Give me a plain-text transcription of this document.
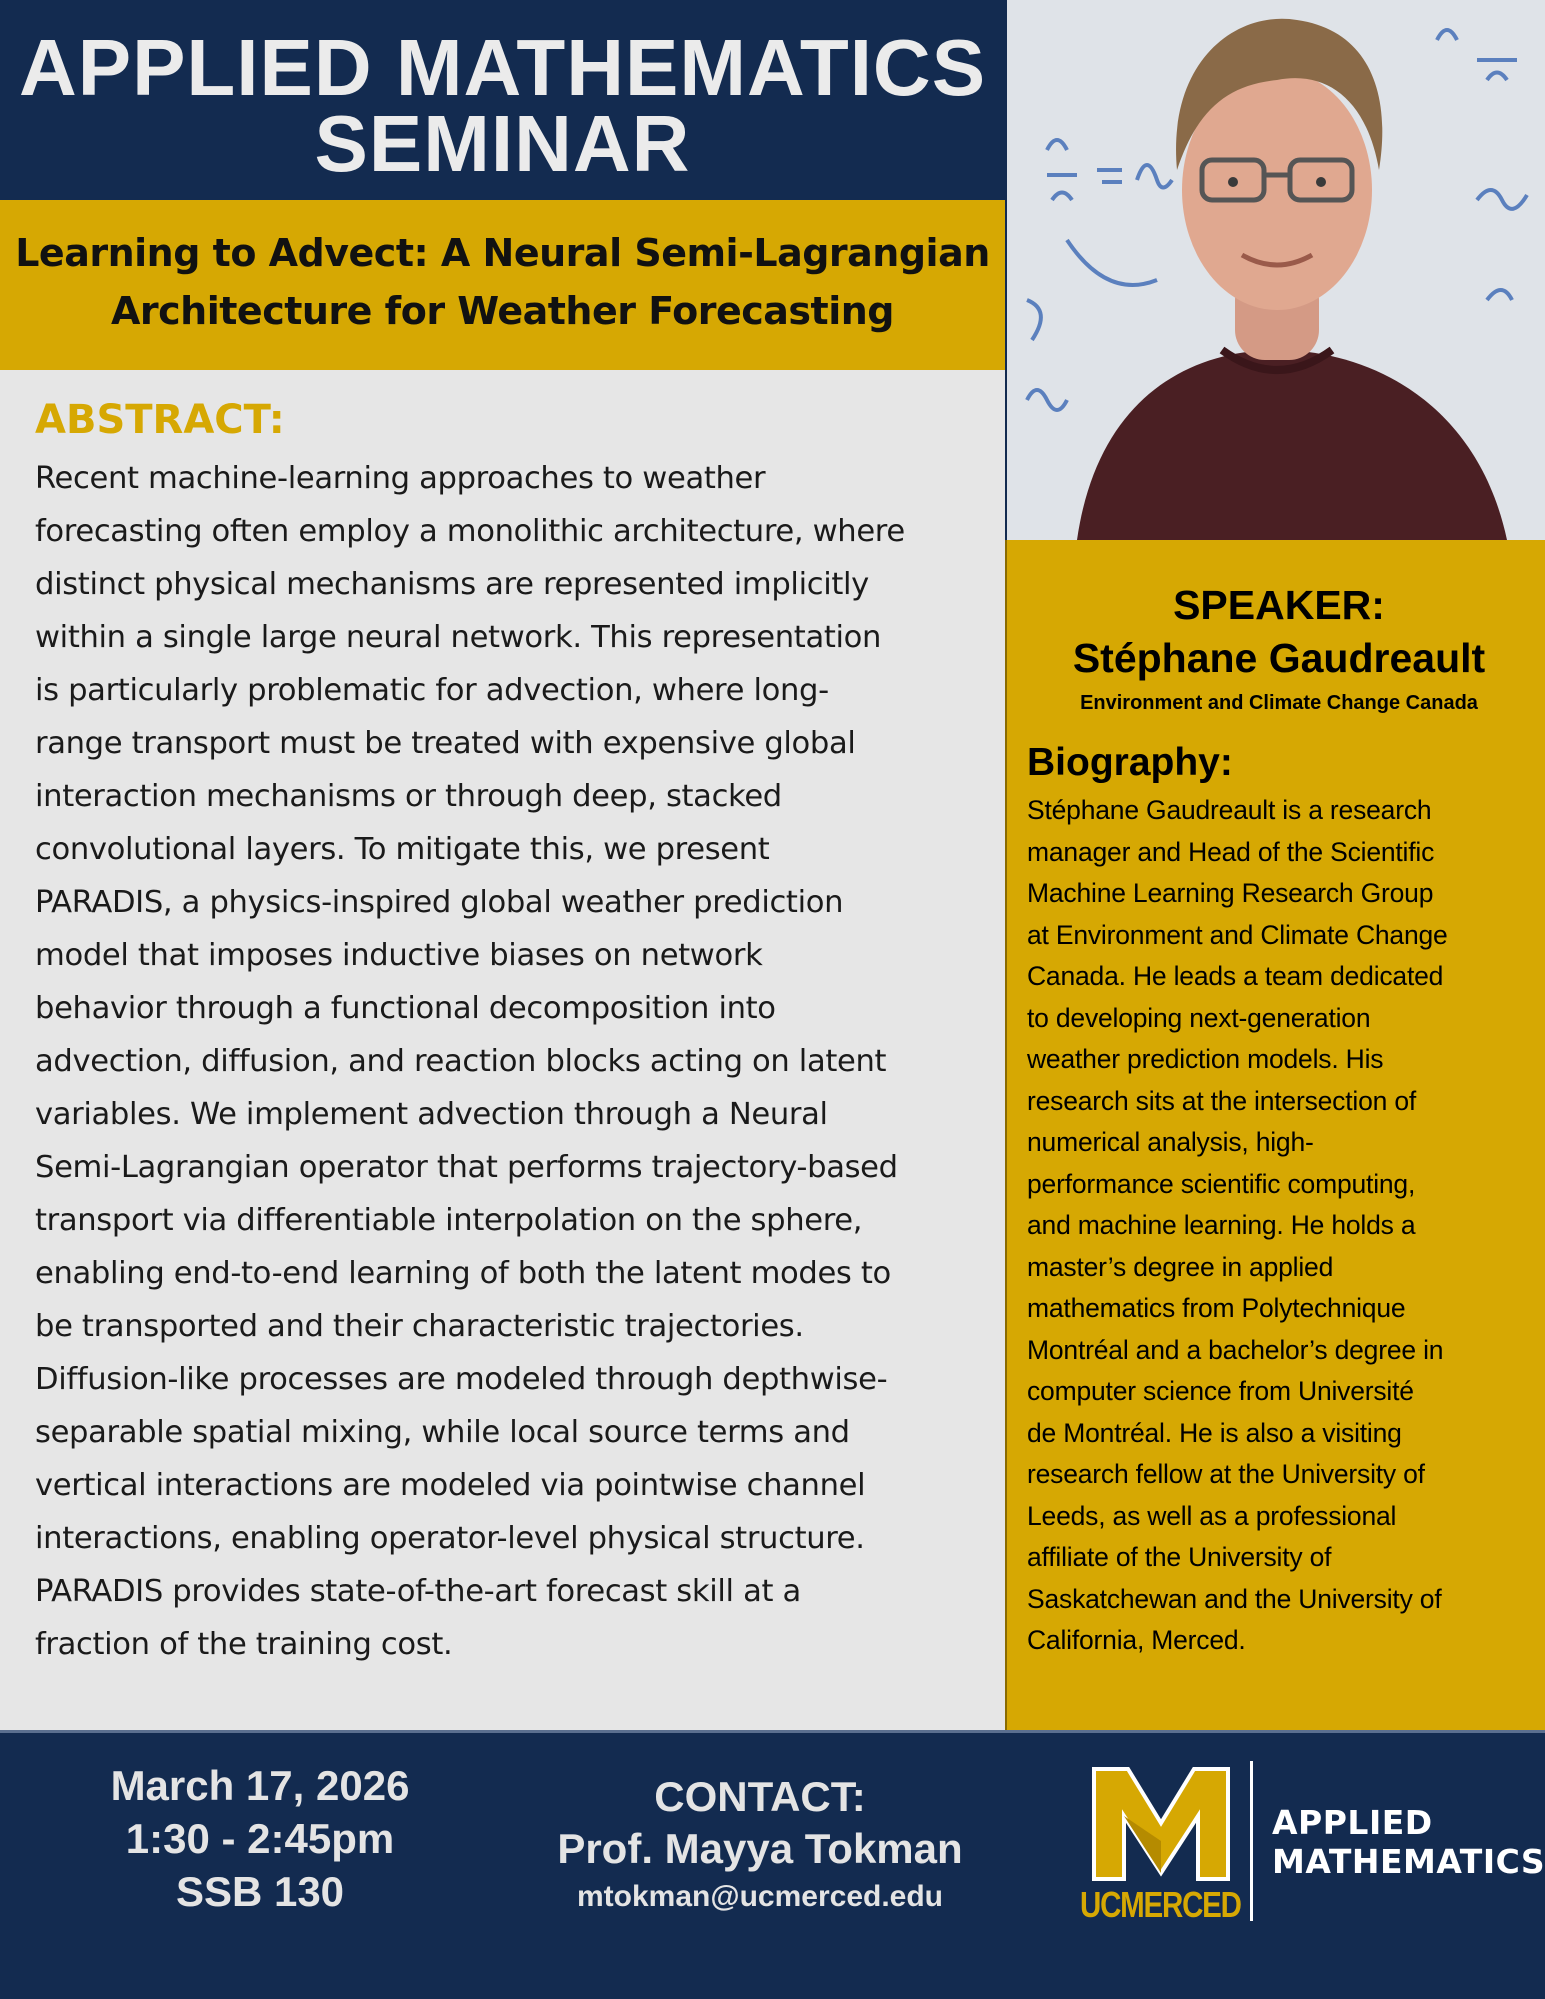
APPLIED MATHEMATICS
SEMINAR
Learning to Advect: A Neural Semi-Lagrangian
Architecture for Weather Forecasting
ABSTRACT:
Recent machine-learning approaches to weather
forecasting often employ a monolithic architecture, where
distinct physical mechanisms are represented implicitly
within a single large neural network. This representation
is particularly problematic for advection, where long-
range transport must be treated with expensive global
interaction mechanisms or through deep, stacked
convolutional layers. To mitigate this, we present
PARADIS, a physics-inspired global weather prediction
model that imposes inductive biases on network
behavior through a functional decomposition into
advection, diffusion, and reaction blocks acting on latent
variables. We implement advection through a Neural
Semi-Lagrangian operator that performs trajectory-based
transport via differentiable interpolation on the sphere,
enabling end-to-end learning of both the latent modes to
be transported and their characteristic trajectories.
Diffusion-like processes are modeled through depthwise-
separable spatial mixing, while local source terms and
vertical interactions are modeled via pointwise channel
interactions, enabling operator-level physical structure.
PARADIS provides state-of-the-art forecast skill at a
fraction of the training cost.
SPEAKER:
Stéphane Gaudreault
Environment and Climate Change Canada
Biography:
Stéphane Gaudreault is a research
manager and Head of the Scientific
Machine Learning Research Group
at Environment and Climate Change
Canada. He leads a team dedicated
to developing next-generation
weather prediction models. His
research sits at the intersection of
numerical analysis, high-
performance scientific computing,
and machine learning. He holds a
master’s degree in applied
mathematics from Polytechnique
Montréal and a bachelor’s degree in
computer science from Université
de Montréal. He is also a visiting
research fellow at the University of
Leeds, as well as a professional
affiliate of the University of
Saskatchewan and the University of
California, Merced.
March 17, 2026
1:30 - 2:45pm
SSB 130
CONTACT:
Prof. Mayya Tokman
mtokman@ucmerced.edu	UCMERCED
APPLIED
MATHEMATICS
